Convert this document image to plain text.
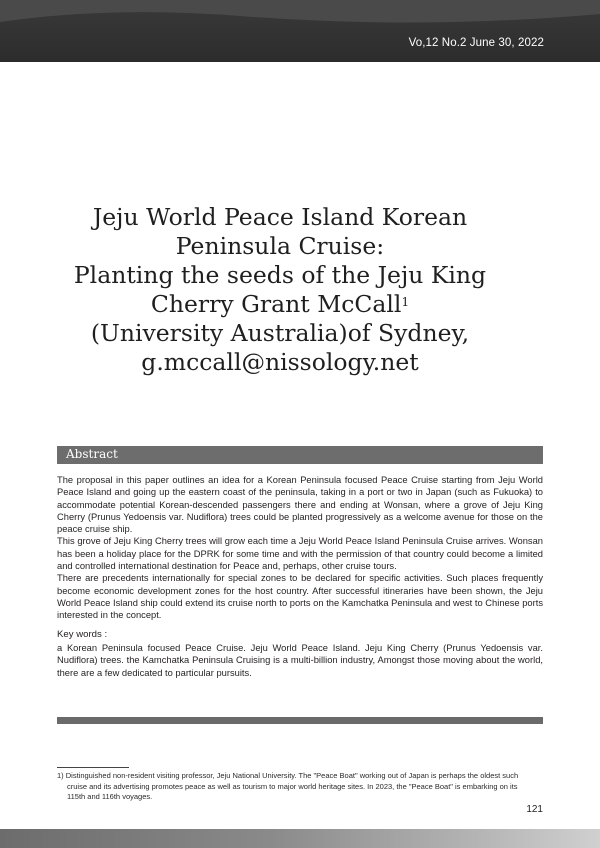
Vo,12 No.2 June 30, 2022
Jeju World Peace Island Korean
Peninsula Cruise:
Planting the seeds of the Jeju King
Cherry Grant McCall$^1$
(University Australia)of Sydney,
g.mccall@nissology.net
Abstract

The proposal in this paper outlines an idea for a Korean Peninsula focused Peace Cruise starting from Jeju World Peace Island and going up the eastern coast of the peninsula, taking in a port or two in Japan (such as Fukuoka) to accommodate potential Korean-descended passengers there and ending at Wonsan, where a grove of Jeju King Cherry (Prunus Yedoensis var. Nudiflora) trees could be planted progressively as a welcome avenue for those on the peace cruise ship.

This grove of Jeju King Cherry trees will grow each time a Jeju World Peace Island Peninsula Cruise arrives. Wonsan has been a holiday place for the DPRK for some time and with the permission of that country could become a limited and controlled international destination for Peace and, perhaps, other cruise tours.

There are precedents internationally for special zones to be declared for specific activities. Such places frequently become economic development zones for the host country. After successful itineraries have been shown, the Jeju World Peace Island ship could extend its cruise north to ports on the Kamchatka Peninsula and west to Chinese ports interested in the concept.

Key words :
a Korean Peninsula focused Peace Cruise. Jeju World Peace Island. Jeju King Cherry (Prunus Yedoensis var. Nudiflora) trees. the Kamchatka Peninsula Cruising is a multi-billion industry, Amongst those moving about the world, there are a few dedicated to particular pursuits.
1) Distinguished non-resident visiting professor, Jeju National University. The "Peace Boat" working out of Japan is perhaps the oldest such cruise and its advertising promotes peace as well as tourism to major world heritage sites. In 2023, the "Peace Boat" is embarking on its 115th and 116th voyages.
121
